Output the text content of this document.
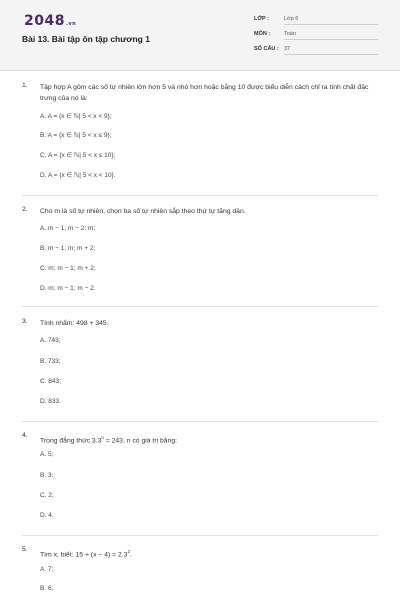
2048.vn
Bài 13. Bài tập ôn tập chương 1
LỚP :	Lớp 6
MÔN :	Toán
SỐ CÂU : 37
1. Tập hợp A gồm các số tự nhiên lớn hơn 5 và nhỏ hơn hoặc bằng 10 được biểu diễn cách chỉ ra tính chất đặc trưng của nó là:
A. A = {x ∈ ℕ| 5 < x < 9};
B. A = {x ∈ ℕ| 5 < x ≤ 9};
C. A = {x ∈ ℕ| 5 < x ≤ 10};
D. A = {x ∈ ℕ| 5 < x < 10}.
2. Cho m là số tự nhiên, chọn ba số tự nhiên sắp theo thứ tự tăng dần.
A. m − 1; m − 2; m;
B. m − 1; m; m + 2;
C. m; m − 1; m + 2;
D. m; m − 1; m − 2.
3. Tính nhẩm: 498 + 345.
A. 743;
B. 733;
C. 843;
D. 833.
4.
Trong đẳng thức $3.3^n = 243$, n có giá trị bằng:
A. 5;
B. 3;
C. 2;
D. 4.
5.
Tìm x, biết: $15 + (x - 4) = 2.3^2$.
A. 7;
B. 6;
